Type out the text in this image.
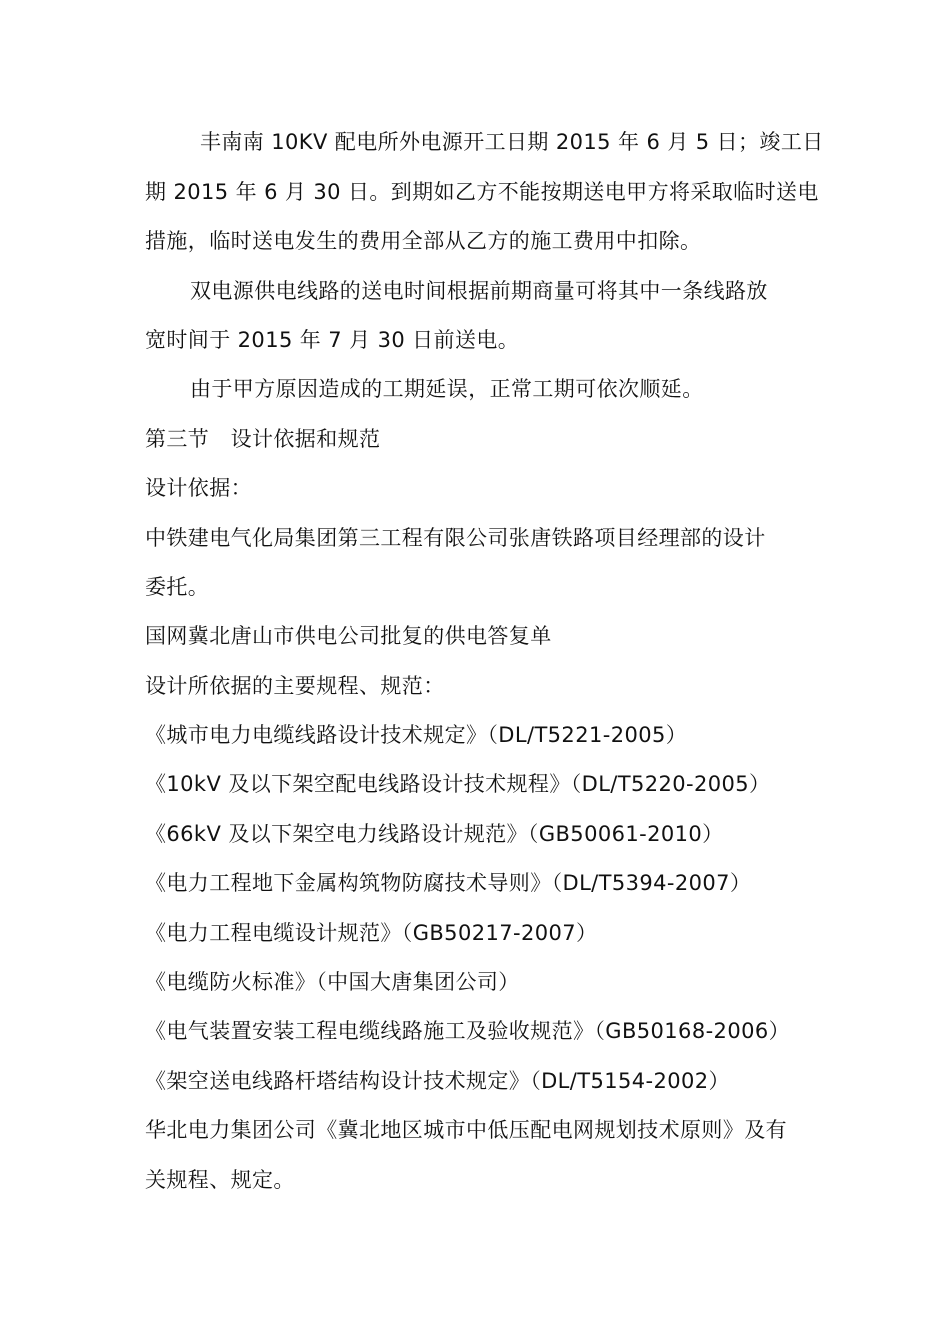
丰南南 10KV 配电所外电源开工日期 2015 年 6 月 5 日；竣工日
期 2015 年 6 月 30 日。到期如乙方不能按期送电甲方将采取临时送电
措施，临时送电发生的费用全部从乙方的施工费用中扣除。
双电源供电线路的送电时间根据前期商量可将其中一条线路放
宽时间于 2015 年 7 月 30 日前送电。
由于甲方原因造成的工期延误，正常工期可依次顺延。
第三节　设计依据和规范
设计依据：
中铁建电气化局集团第三工程有限公司张唐铁路项目经理部的设计
委托。
国网冀北唐山市供电公司批复的供电答复单
设计所依据的主要规程、规范：
《城市电力电缆线路设计技术规定》（DL/T5221-2005）
《10kV 及以下架空配电线路设计技术规程》（DL/T5220-2005）
《66kV 及以下架空电力线路设计规范》（GB50061-2010）
《电力工程地下金属构筑物防腐技术导则》（DL/T5394-2007）
《电力工程电缆设计规范》（GB50217-2007）
《电缆防火标准》（中国大唐集团公司）
《电气装置安装工程电缆线路施工及验收规范》（GB50168-2006）
《架空送电线路杆塔结构设计技术规定》（DL/T5154-2002）
华北电力集团公司《冀北地区城市中低压配电网规划技术原则》及有
关规程、规定。
